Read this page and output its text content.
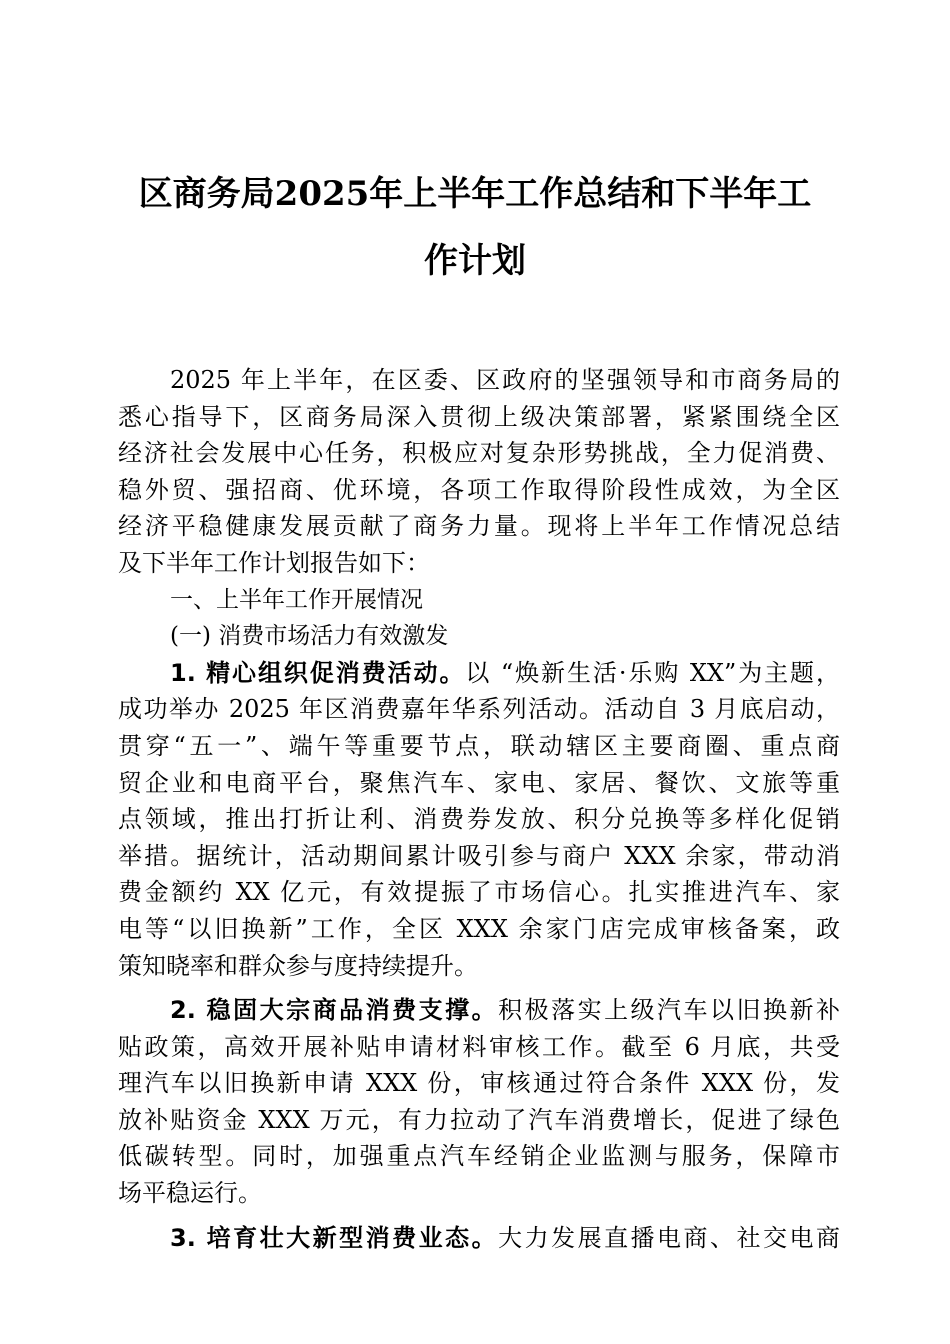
区商务局2025年上半年工作总结和下半年工
作计划
2025 年上半年，在区委、区政府的坚强领导和市商务局的
悉心指导下，区商务局深入贯彻上级决策部署，紧紧围绕全区
经济社会发展中心任务，积极应对复杂形势挑战，全力促消费、
稳外贸、强招商、优环境，各项工作取得阶段性成效，为全区
经济平稳健康发展贡献了商务力量。现将上半年工作情况总结
及下半年工作计划报告如下：
一、上半年工作开展情况
(一) 消费市场活力有效激发
1. 精心组织促消费活动。以 “焕新生活·乐购 XX”为主题，
成功举办 2025 年区消费嘉年华系列活动。活动自 3 月底启动，
贯穿“五一”、端午等重要节点，联动辖区主要商圈、重点商
贸企业和电商平台，聚焦汽车、家电、家居、餐饮、文旅等重
点领域，推出打折让利、消费券发放、积分兑换等多样化促销
举措。据统计，活动期间累计吸引参与商户 XXX 余家，带动消
费金额约 XX 亿元，有效提振了市场信心。扎实推进汽车、家
电等“以旧换新”工作，全区 XXX 余家门店完成审核备案，政
策知晓率和群众参与度持续提升。
2. 稳固大宗商品消费支撑。积极落实上级汽车以旧换新补
贴政策，高效开展补贴申请材料审核工作。截至 6 月底，共受
理汽车以旧换新申请 XXX 份，审核通过符合条件 XXX 份，发
放补贴资金 XXX 万元，有力拉动了汽车消费增长，促进了绿色
低碳转型。同时，加强重点汽车经销企业监测与服务，保障市
场平稳运行。
3. 培育壮大新型消费业态。大力发展直播电商、社交电商
